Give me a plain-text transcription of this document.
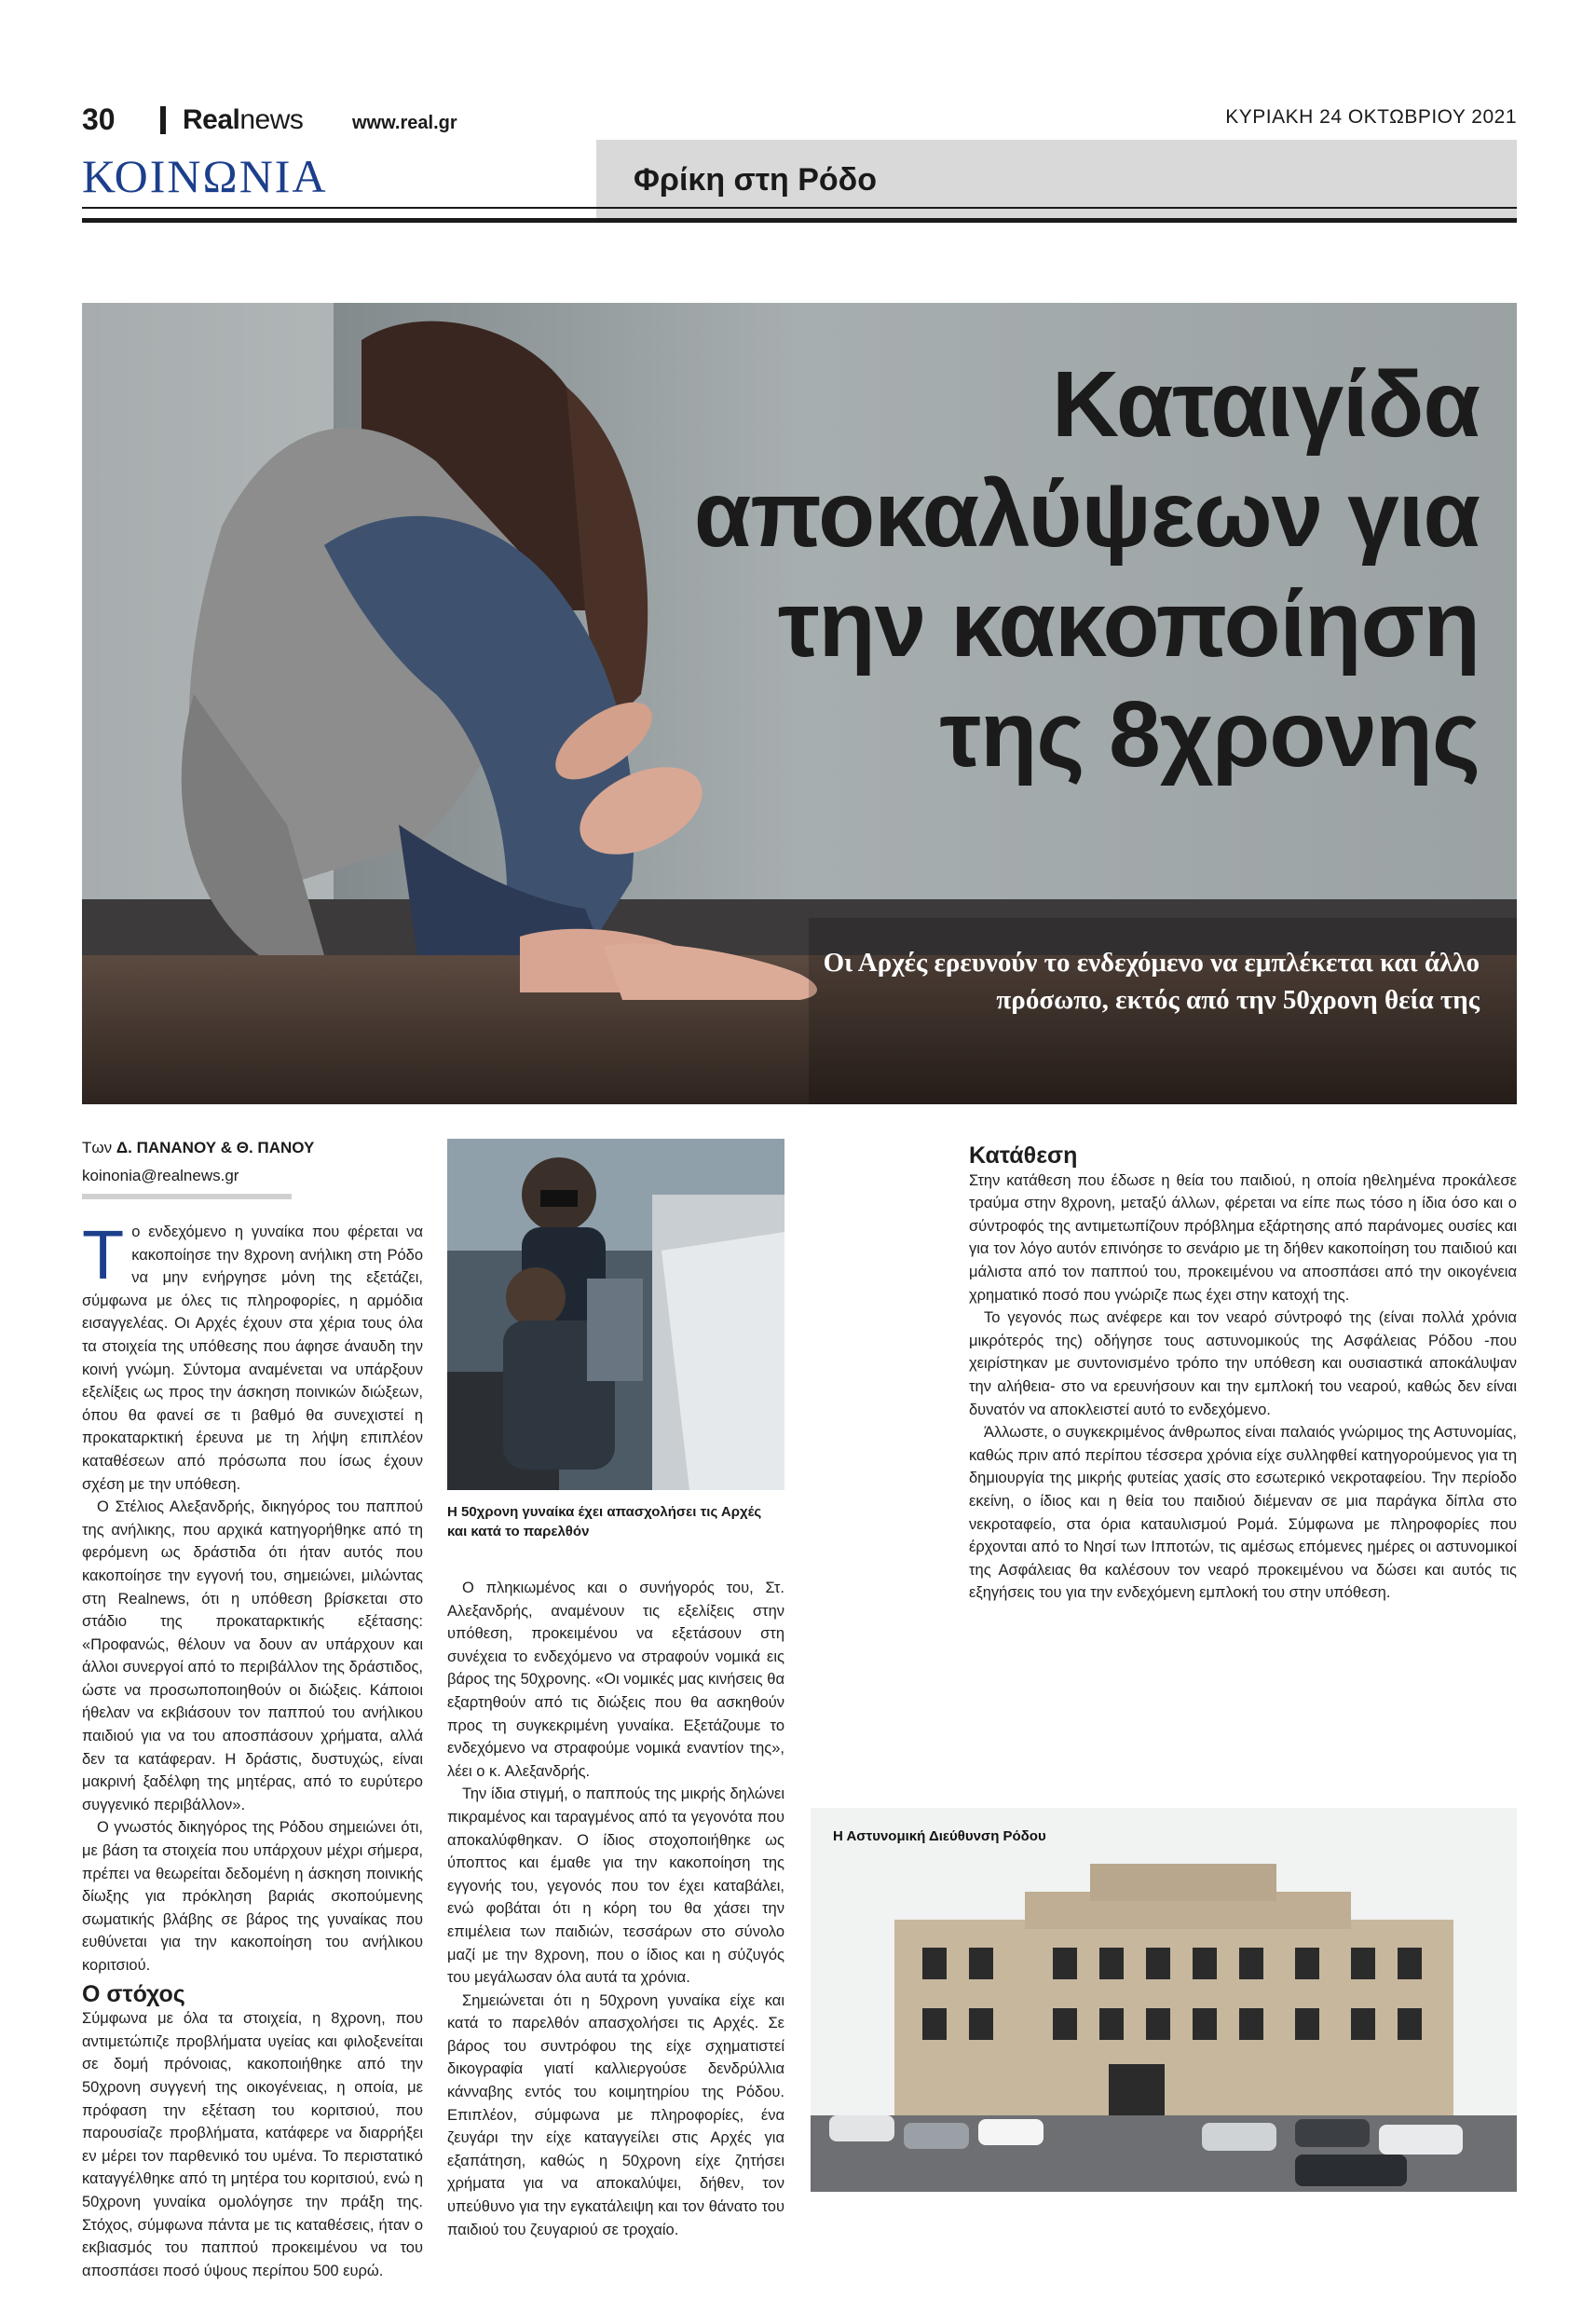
30 Realnews	www.real.gr	ΚΥΡΙΑΚΗ 24 ΟΚΤΩΒΡΙΟΥ 2021
ΚΟΙΝΩΝΙΑ	Φρίκη στη Ρόδο
Καταιγίδα αποκαλύψεων για την κακοποίηση της 8χρονης
Οι Αρχές ερευνούν το ενδεχόμενο να εμπλέκεται και άλλο πρόσωπο, εκτός από την 50χρονη θεία της
Των Δ. ΠΑΝΑΝΟΥ & Θ. ΠΑΝΟΥ
koinonia@realnews.gr

Το ενδεχόμενο η γυναίκα που φέρεται να κακοποίησε την 8χρονη ανήλικη στη Ρόδο να μην ενήργησε μόνη της εξετάζει, σύμφωνα με όλες τις πληροφορίες, η αρμόδια εισαγγελέας. Οι Αρχές έχουν στα χέρια τους όλα τα στοιχεία της υπόθεσης που άφησε άναυδη την κοινή γνώμη. Σύντομα αναμένεται να υπάρξουν εξελίξεις ως προς την άσκηση ποινικών διώξεων, όπου θα φανεί σε τι βαθμό θα συνεχιστεί η προκαταρκτική έρευνα με τη λήψη επιπλέον καταθέσεων από πρόσωπα που ίσως έχουν σχέση με την υπόθεση.

Ο Στέλιος Αλεξανδρής, δικηγόρος του παππού της ανήλικης, που αρχικά κατηγορήθηκε από τη φερόμενη ως δράστιδα ότι ήταν αυτός που κακοποίησε την εγγονή του, σημειώνει, μιλώντας στη Realnews, ότι η υπόθεση βρίσκεται στο στάδιο της προκαταρκτικής εξέτασης: «Προφανώς, θέλουν να δουν αν υπάρχουν και άλλοι συνεργοί από το περιβάλλον της δράστιδος, ώστε να προσωποποιηθούν οι διώξεις. Κάποιοι ήθελαν να εκβιάσουν τον παππού του ανήλικου παιδιού για να του αποσπάσουν χρήματα, αλλά δεν τα κατάφεραν. Η δράστις, δυστυχώς, είναι μακρινή ξαδέλφη της μητέρας, από το ευρύτερο συγγενικό περιβάλλον».

Ο γνωστός δικηγόρος της Ρόδου σημειώνει ότι, με βάση τα στοιχεία που υπάρχουν μέχρι σήμερα, πρέπει να θεωρείται δεδομένη η άσκηση ποινικής δίωξης για πρόκληση βαριάς σκοπούμενης σωματικής βλάβης σε βάρος της γυναίκας που ευθύνεται για την κακοποίηση του ανήλικου κοριτσιού.

Ο στόχος

Σύμφωνα με όλα τα στοιχεία, η 8χρονη, που αντιμετώπιζε προβλήματα υγείας και φιλοξενείται σε δομή πρόνοιας, κακοποιήθηκε από την 50χρονη συγγενή της οικογένειας, η οποία, με πρόφαση την εξέταση του κοριτσιού, που παρουσίαζε προβλήματα, κατάφερε να διαρρήξει εν μέρει τον παρθενικό του υμένα. Το περιστατικό καταγγέλθηκε από τη μητέρα του κοριτσιού, ενώ η 50χρονη γυναίκα ομολόγησε την πράξη της. Στόχος, σύμφωνα πάντα με τις καταθέσεις, ήταν ο εκβιασμός του παππού προκειμένου να του αποσπάσει ποσό ύψους περίπου 500 ευρώ.

Η 50χρονη γυναίκα έχει απασχολήσει τις Αρχές και κατά το παρελθόν

Ο πληκιωμένος και ο συνήγορός του, Στ. Αλεξανδρής, αναμένουν τις εξελίξεις στην υπόθεση, προκειμένου να εξετάσουν στη συνέχεια το ενδεχόμενο να στραφούν νομικά εις βάρος της 50χρονης. «Οι νομικές μας κινήσεις θα εξαρτηθούν από τις διώξεις που θα ασκηθούν προς τη συγκεκριμένη γυναίκα. Εξετάζουμε το ενδεχόμενο να στραφούμε νομικά εναντίον της», λέει ο κ. Αλεξανδρής.

Την ίδια στιγμή, ο παππούς της μικρής δηλώνει πικραμένος και ταραγμένος από τα γεγονότα που αποκαλύφθηκαν. Ο ίδιος στοχοποιήθηκε ως ύποπτος και έμαθε για την κακοποίηση της εγγονής του, γεγονός που τον έχει καταβάλει, ενώ φοβάται ότι η κόρη του θα χάσει την επιμέλεια των παιδιών, τεσσάρων στο σύνολο μαζί με την 8χρονη, που ο ίδιος και η σύζυγός του μεγάλωσαν όλα αυτά τα χρόνια.

Σημειώνεται ότι η 50χρονη γυναίκα είχε και κατά το παρελθόν απασχολήσει τις Αρχές. Σε βάρος του συντρόφου της είχε σχηματιστεί δικογραφία γιατί καλλιεργούσε δενδρύλλια κάνναβης εντός του κοιμητηρίου της Ρόδου. Επιπλέον, σύμφωνα με πληροφορίες, ένα ζευγάρι την είχε καταγγείλει στις Αρχές για εξαπάτηση, καθώς η 50χρονη είχε ζητήσει χρήματα για να αποκαλύψει, δήθεν, τον υπεύθυνο για την εγκατάλειψη και τον θάνατο του παιδιού του ζευγαριού σε τροχαίο.

Κατάθεση

Στην κατάθεση που έδωσε η θεία του παιδιού, η οποία ηθελημένα προκάλεσε τραύμα στην 8χρονη, μεταξύ άλλων, φέρεται να είπε πως τόσο η ίδια όσο και ο σύντροφός της αντιμετωπίζουν πρόβλημα εξάρτησης από παράνομες ουσίες και για τον λόγο αυτόν επινόησε το σενάριο με τη δήθεν κακοποίηση του παιδιού και μάλιστα από τον παππού του, προκειμένου να αποσπάσει από την οικογένεια χρηματικό ποσό που γνώριζε πως έχει στην κατοχή της.

Το γεγονός πως ανέφερε και τον νεαρό σύντροφό της (είναι πολλά χρόνια μικρότερός της) οδήγησε τους αστυνομικούς της Ασφάλειας Ρόδου -που χειρίστηκαν με συντονισμένο τρόπο την υπόθεση και ουσιαστικά αποκάλυψαν την αλήθεια- στο να ερευνήσουν και την εμπλοκή του νεαρού, καθώς δεν είναι δυνατόν να αποκλειστεί αυτό το ενδεχόμενο.

Άλλωστε, ο συγκεκριμένος άνθρωπος είναι παλαιός γνώριμος της Αστυνομίας, καθώς πριν από περίπου τέσσερα χρόνια είχε συλληφθεί κατηγορούμενος για τη δημιουργία της μικρής φυτείας χασίς στο εσωτερικό νεκροταφείου. Την περίοδο εκείνη, ο ίδιος και η θεία του παιδιού διέμεναν σε μια παράγκα δίπλα στο νεκροταφείο, στα όρια καταυλισμού Ρομά. Σύμφωνα με πληροφορίες που έρχονται από το Νησί των Ιπποτών, τις αμέσως επόμενες ημέρες οι αστυνομικοί της Ασφάλειας θα καλέσουν τον νεαρό προκειμένου να δώσει και αυτός τις εξηγήσεις του για την ενδεχόμενη εμπλοκή του στην υπόθεση.

Η Αστυνομική Διεύθυνση Ρόδου
